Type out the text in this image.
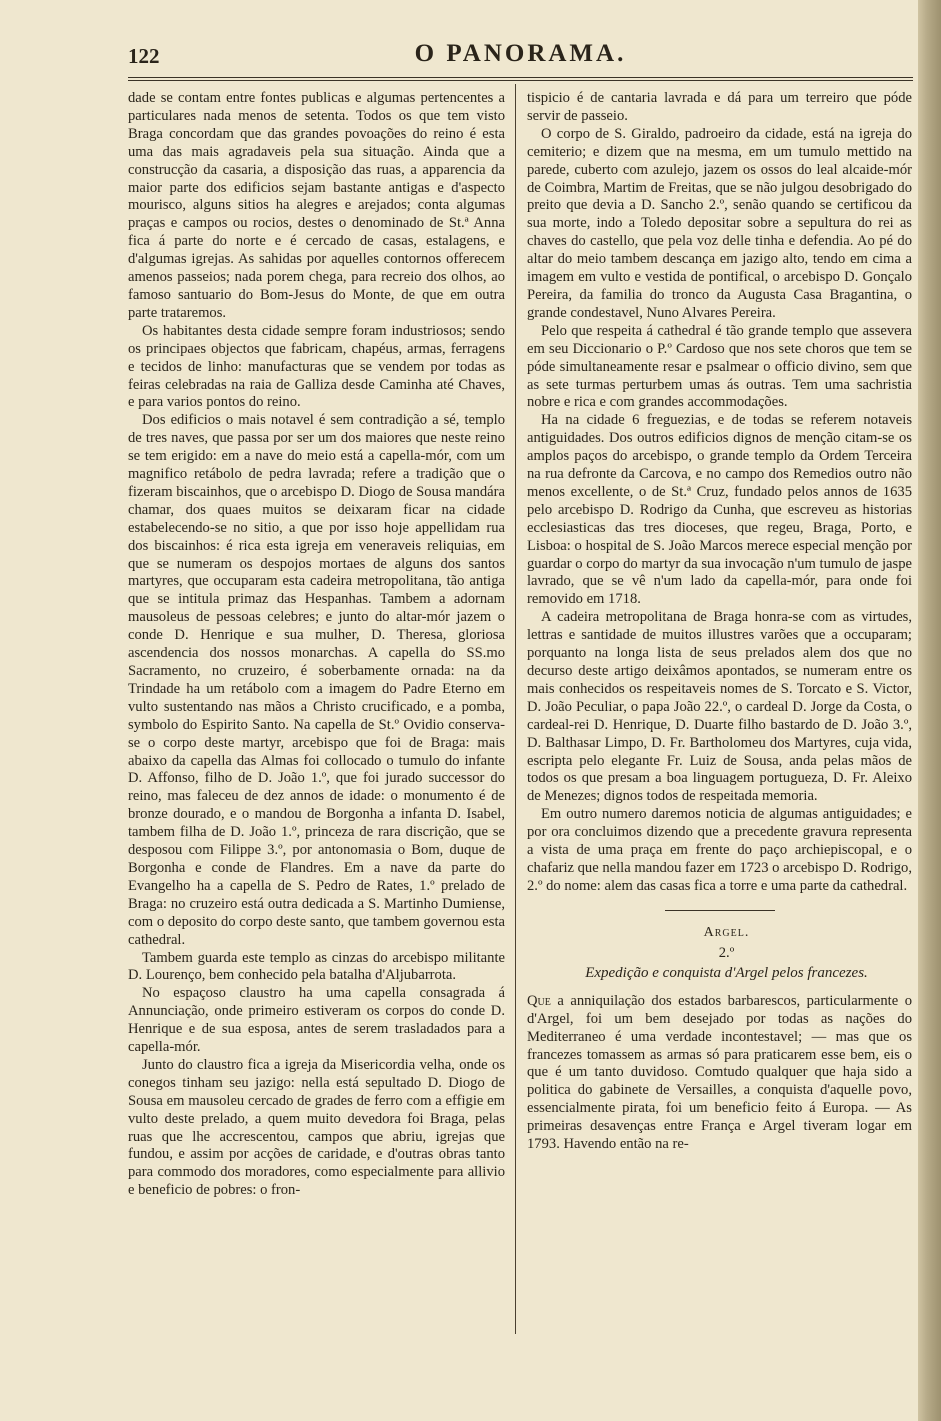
122	O PANORAMA.

dade se contam entre fontes publicas e algumas pertencentes a particulares nada menos de setenta. Todos os que tem visto Braga concordam que das grandes povoações do reino é esta uma das mais agradaveis pela sua situação. Ainda que a construcção da casaria, a disposição das ruas, a apparencia da maior parte dos edificios sejam bastante antigas e d'aspecto mourisco, alguns sitios ha alegres e arejados; conta algumas praças e campos ou rocios, destes o denominado de St.ª Anna fica á parte do norte e é cercado de casas, estalagens, e d'algumas igrejas. As sahidas por aquelles contornos offerecem amenos passeios; nada porem chega, para recreio dos olhos, ao famoso santuario do Bom-Jesus do Monte, de que em outra parte trataremos.

Os habitantes desta cidade sempre foram industriosos; sendo os principaes objectos que fabricam, chapéus, armas, ferragens e tecidos de linho: manufacturas que se vendem por todas as feiras celebradas na raia de Galliza desde Caminha até Chaves, e para varios pontos do reino.

Dos edificios o mais notavel é sem contradição a sé, templo de tres naves, que passa por ser um dos maiores que neste reino se tem erigido: em a nave do meio está a capella-mór, com um magnifico retábolo de pedra lavrada; refere a tradição que o fizeram biscainhos, que o arcebispo D. Diogo de Sousa mandára chamar, dos quaes muitos se deixaram ficar na cidade estabelecendo-se no sitio, a que por isso hoje appellidam rua dos biscainhos: é rica esta igreja em veneraveis reliquias, em que se numeram os despojos mortaes de alguns dos santos martyres, que occuparam esta cadeira metropolitana, tão antiga que se intitula primaz das Hespanhas. Tambem a adornam mausoleus de pessoas celebres; e junto do altar-mór jazem o conde D. Henrique e sua mulher, D. Theresa, gloriosa ascendencia dos nossos monarchas. A capella do SS.mo Sacramento, no cruzeiro, é soberbamente ornada: na da Trindade ha um retábolo com a imagem do Padre Eterno em vulto sustentando nas mãos a Christo crucificado, e a pomba, symbolo do Espirito Santo. Na capella de St.º Ovidio conserva-se o corpo deste martyr, arcebispo que foi de Braga: mais abaixo da capella das Almas foi collocado o tumulo do infante D. Affonso, filho de D. João 1.º, que foi jurado successor do reino, mas faleceu de dez annos de idade: o monumento é de bronze dourado, e o mandou de Borgonha a infanta D. Isabel, tambem filha de D. João 1.º, princeza de rara discrição, que se desposou com Filippe 3.º, por antonomasia o Bom, duque de Borgonha e conde de Flandres. Em a nave da parte do Evangelho ha a capella de S. Pedro de Rates, 1.º prelado de Braga: no cruzeiro está outra dedicada a S. Martinho Dumiense, com o deposito do corpo deste santo, que tambem governou esta cathedral.

Tambem guarda este templo as cinzas do arcebispo militante D. Lourenço, bem conhecido pela batalha d'Aljubarrota.

No espaçoso claustro ha uma capella consagrada á Annunciação, onde primeiro estiveram os corpos do conde D. Henrique e de sua esposa, antes de serem trasladados para a capella-mór.

Junto do claustro fica a igreja da Misericordia velha, onde os conegos tinham seu jazigo: nella está sepultado D. Diogo de Sousa em mausoleu cercado de grades de ferro com a effigie em vulto deste prelado, a quem muito devedora foi Braga, pelas ruas que lhe accrescentou, campos que abriu, igrejas que fundou, e assim por acções de caridade, e d'outras obras tanto para commodo dos moradores, como especialmente para allivio e beneficio de pobres: o fron-

tispicio é de cantaria lavrada e dá para um terreiro que póde servir de passeio.

O corpo de S. Giraldo, padroeiro da cidade, está na igreja do cemiterio; e dizem que na mesma, em um tumulo mettido na parede, cuberto com azulejo, jazem os ossos do leal alcaide-mór de Coimbra, Martim de Freitas, que se não julgou desobrigado do preito que devia a D. Sancho 2.º, senão quando se certificou da sua morte, indo a Toledo depositar sobre a sepultura do rei as chaves do castello, que pela voz delle tinha e defendia. Ao pé do altar do meio tambem descança em jazigo alto, tendo em cima a imagem em vulto e vestida de pontifical, o arcebispo D. Gonçalo Pereira, da familia do tronco da Augusta Casa Bragantina, o grande condestavel, Nuno Alvares Pereira.

Pelo que respeita á cathedral é tão grande templo que assevera em seu Diccionario o P.º Cardoso que nos sete choros que tem se póde simultaneamente resar e psalmear o officio divino, sem que as sete turmas perturbem umas ás outras. Tem uma sachristia nobre e rica e com grandes accommodações.

Ha na cidade 6 freguezias, e de todas se referem notaveis antiguidades. Dos outros edificios dignos de menção citam-se os amplos paços do arcebispo, o grande templo da Ordem Terceira na rua defronte da Carcova, e no campo dos Remedios outro não menos excellente, o de St.ª Cruz, fundado pelos annos de 1635 pelo arcebispo D. Rodrigo da Cunha, que escreveu as historias ecclesiasticas das tres dioceses, que regeu, Braga, Porto, e Lisboa: o hospital de S. João Marcos merece especial menção por guardar o corpo do martyr da sua invocação n'um tumulo de jaspe lavrado, que se vê n'um lado da capella-mór, para onde foi removido em 1718.

A cadeira metropolitana de Braga honra-se com as virtudes, lettras e santidade de muitos illustres varões que a occuparam; porquanto na longa lista de seus prelados alem dos que no decurso deste artigo deixâmos apontados, se numeram entre os mais conhecidos os respeitaveis nomes de S. Torcato e S. Victor, D. João Peculiar, o papa João 22.º, o cardeal D. Jorge da Costa, o cardeal-rei D. Henrique, D. Duarte filho bastardo de D. João 3.º, D. Balthasar Limpo, D. Fr. Bartholomeu dos Martyres, cuja vida, escripta pelo elegante Fr. Luiz de Sousa, anda pelas mãos de todos os que presam a boa linguagem portugueza, D. Fr. Aleixo de Menezes; dignos todos de respeitada memoria.

Em outro numero daremos noticia de algumas antiguidades; e por ora concluimos dizendo que a precedente gravura representa a vista de uma praça em frente do paço archiepiscopal, e o chafariz que nella mandou fazer em 1723 o arcebispo D. Rodrigo, 2.º do nome: alem das casas fica a torre e uma parte da cathedral.

Argel.

2.º

Expedição e conquista d'Argel pelos francezes.

Que a anniquilação dos estados barbarescos, particularmente o d'Argel, foi um bem desejado por todas as nações do Mediterraneo é uma verdade incontestavel; — mas que os francezes tomassem as armas só para praticarem esse bem, eis o que é um tanto duvidoso. Comtudo qualquer que haja sido a politica do gabinete de Versailles, a conquista d'aquelle povo, essencialmente pirata, foi um beneficio feito á Europa. — As primeiras desavenças entre França e Argel tiveram logar em 1793. Havendo então na re-
